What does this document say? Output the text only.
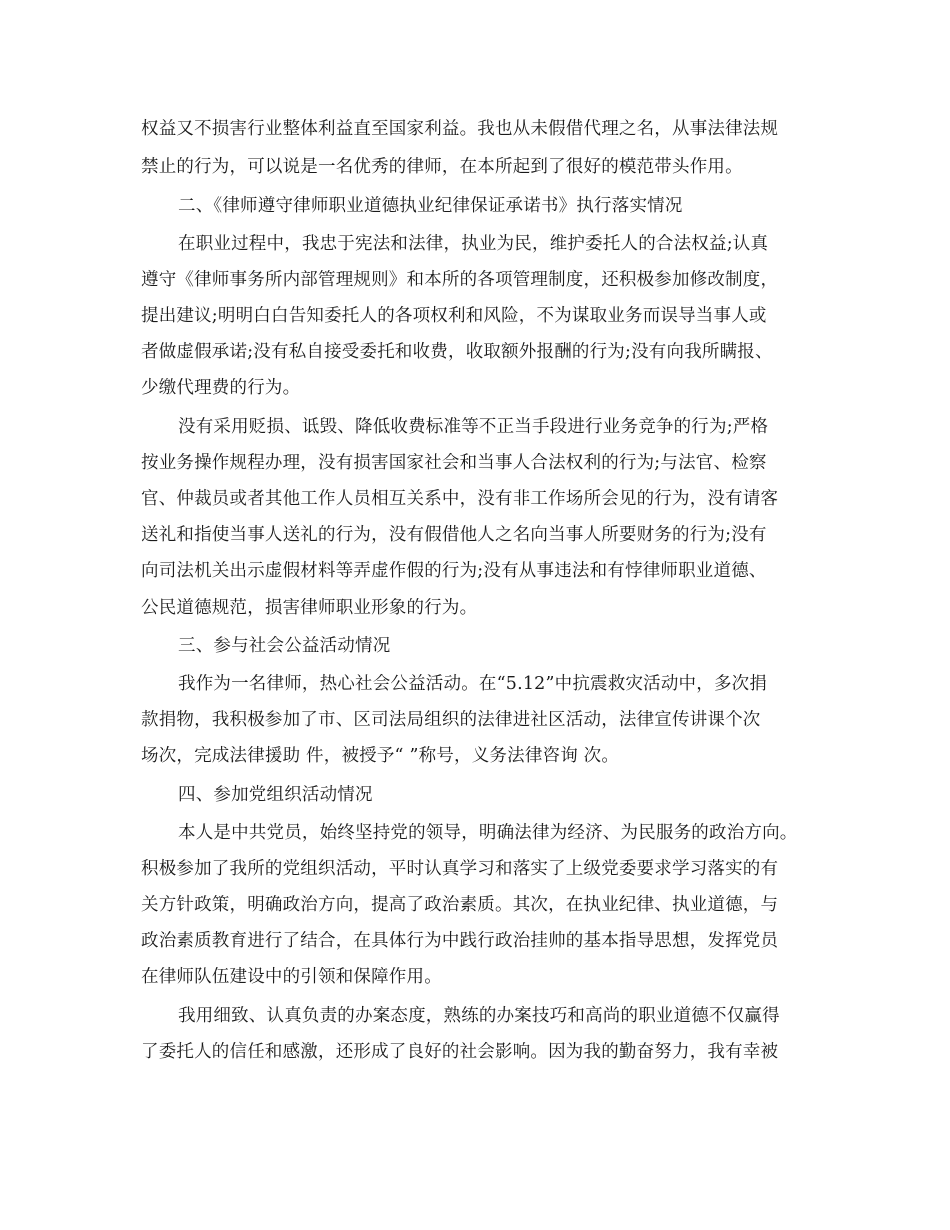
权益又不损害行业整体利益直至国家利益。我也从未假借代理之名，从事法律法规
禁止的行为，可以说是一名优秀的律师，在本所起到了很好的模范带头作用。
二、《律师遵守律师职业道德执业纪律保证承诺书》执行落实情况
在职业过程中，我忠于宪法和法律，执业为民，维护委托人的合法权益;认真
遵守《律师事务所内部管理规则》和本所的各项管理制度，还积极参加修改制度，
提出建议;明明白白告知委托人的各项权利和风险，不为谋取业务而误导当事人或
者做虚假承诺;没有私自接受委托和收费，收取额外报酬的行为;没有向我所瞒报、
少缴代理费的行为。
没有采用贬损、诋毁、降低收费标准等不正当手段进行业务竞争的行为;严格
按业务操作规程办理，没有损害国家社会和当事人合法权利的行为;与法官、检察
官、仲裁员或者其他工作人员相互关系中，没有非工作场所会见的行为，没有请客
送礼和指使当事人送礼的行为，没有假借他人之名向当事人所要财务的行为;没有
向司法机关出示虚假材料等弄虚作假的行为;没有从事违法和有悖律师职业道德、
公民道德规范，损害律师职业形象的行为。
三、参与社会公益活动情况
我作为一名律师，热心社会公益活动。在“5.12”中抗震救灾活动中，多次捐
款捐物，我积极参加了市、区司法局组织的法律进社区活动，法律宣传讲课个次
场次，完成法律援助 件，被授予“ ”称号，义务法律咨询 次。
四、参加党组织活动情况
本人是中共党员，始终坚持党的领导，明确法律为经济、为民服务的政治方向。
积极参加了我所的党组织活动，平时认真学习和落实了上级党委要求学习落实的有
关方针政策，明确政治方向，提高了政治素质。其次，在执业纪律、执业道德，与
政治素质教育进行了结合，在具体行为中践行政治挂帅的基本指导思想，发挥党员
在律师队伍建设中的引领和保障作用。
我用细致、认真负责的办案态度，熟练的办案技巧和高尚的职业道德不仅赢得
了委托人的信任和感激，还形成了良好的社会影响。因为我的勤奋努力，我有幸被
